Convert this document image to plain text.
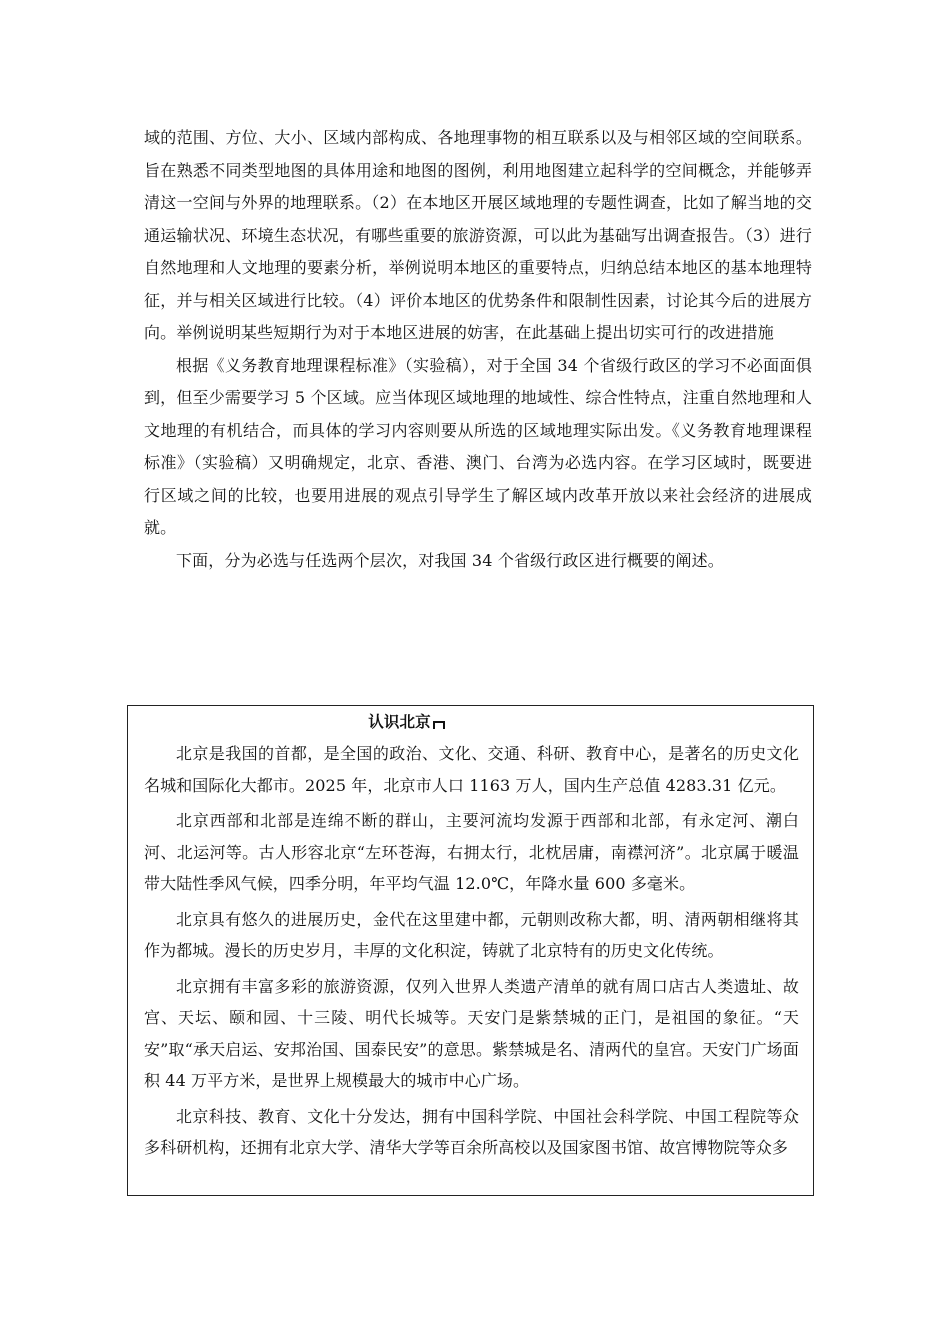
域的范围、方位、大小、区域内部构成、各地理事物的相互联系以及与相邻区域的空间联系。旨在熟悉不同类型地图的具体用途和地图的图例，利用地图建立起科学的空间概念，并能够弄清这一空间与外界的地理联系。（2）在本地区开展区域地理的专题性调查，比如了解当地的交通运输状况、环境生态状况，有哪些重要的旅游资源，可以此为基础写出调查报告。（3）进行自然地理和人文地理的要素分析，举例说明本地区的重要特点，归纳总结本地区的基本地理特征，并与相关区域进行比较。（4）评价本地区的优势条件和限制性因素，讨论其今后的进展方向。举例说明某些短期行为对于本地区进展的妨害，在此基础上提出切实可行的改进措施

根据《义务教育地理课程标准》（实验稿），对于全国 34 个省级行政区的学习不必面面俱到，但至少需要学习 5 个区域。应当体现区域地理的地域性、综合性特点，注重自然地理和人文地理的有机结合，而具体的学习内容则要从所选的区域地理实际出发。《义务教育地理课程标准》（实验稿）又明确规定，北京、香港、澳门、台湾为必选内容。在学习区域时，既要进行区域之间的比较，也要用进展的观点引导学生了解区域内改革开放以来社会经济的进展成就。

下面，分为必选与任选两个层次，对我国 34 个省级行政区进行概要的阐述。

认识北京

北京是我国的首都，是全国的政治、文化、交通、科研、教育中心，是著名的历史文化名城和国际化大都市。2025 年，北京市人口 1163 万人，国内生产总值 4283.31 亿元。

北京西部和北部是连绵不断的群山，主要河流均发源于西部和北部，有永定河、潮白河、北运河等。古人形容北京“左环苍海，右拥太行，北枕居庸，南襟河济”。北京属于暖温带大陆性季风气候，四季分明，年平均气温 12.0℃，年降水量 600 多毫米。

北京具有悠久的进展历史，金代在这里建中都，元朝则改称大都，明、清两朝相继将其作为都城。漫长的历史岁月，丰厚的文化积淀，铸就了北京特有的历史文化传统。

北京拥有丰富多彩的旅游资源，仅列入世界人类遗产清单的就有周口店古人类遗址、故宫、天坛、颐和园、十三陵、明代长城等。天安门是紫禁城的正门，是祖国的象征。“天安”取“承天启运、安邦治国、国泰民安”的意思。紫禁城是名、清两代的皇宫。天安门广场面积 44 万平方米，是世界上规模最大的城市中心广场。

北京科技、教育、文化十分发达，拥有中国科学院、中国社会科学院、中国工程院等众多科研机构，还拥有北京大学、清华大学等百余所高校以及国家图书馆、故宫博物院等众多
